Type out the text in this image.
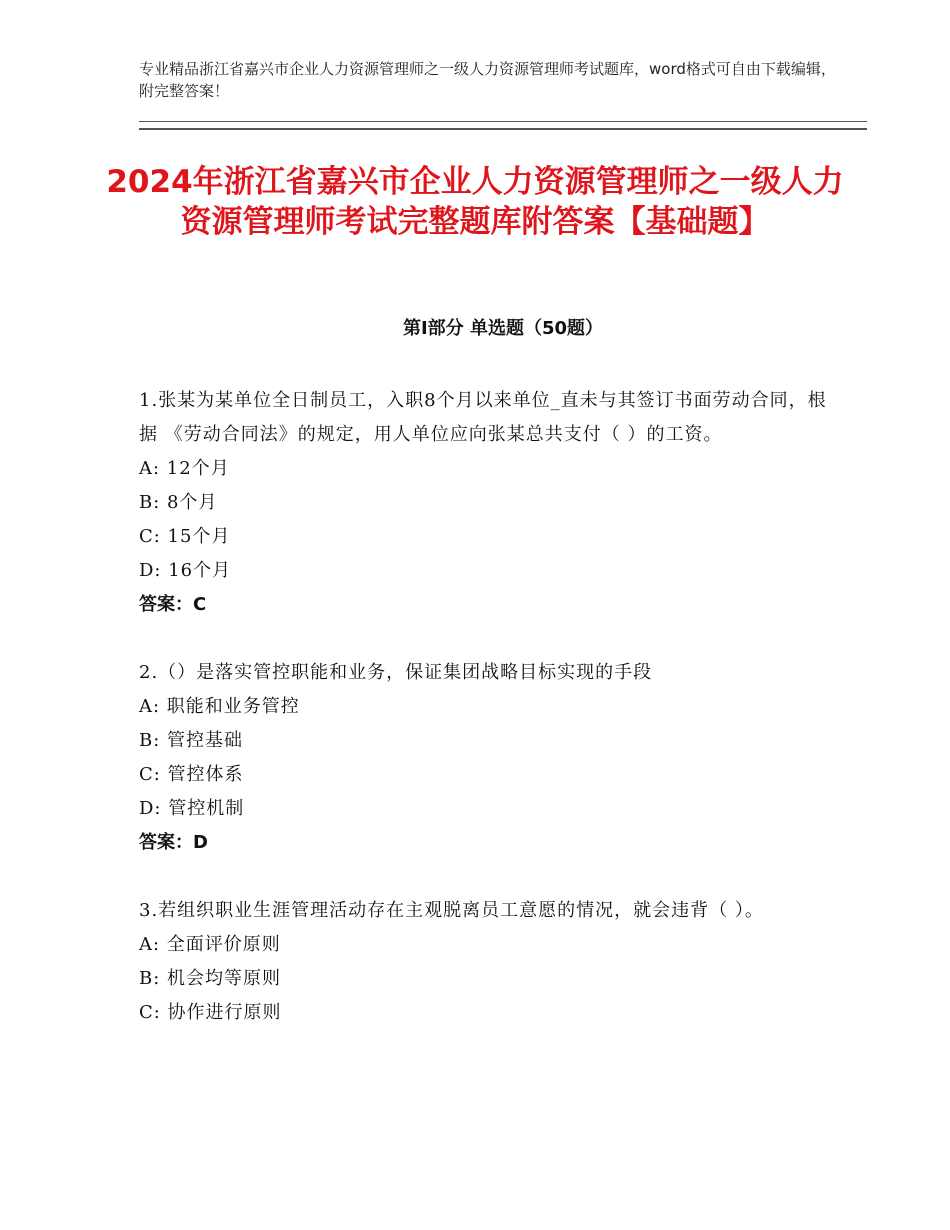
专业精品浙江省嘉兴市企业人力资源管理师之一级人力资源管理师考试题库，word格式可自由下载编辑，附完整答案！
2024年浙江省嘉兴市企业人力资源管理师之一级人力资源管理师考试完整题库附答案【基础题】
第Ⅰ部分 单选题（50题）
1.张某为某单位全日制员工，入职8个月以来单位_直未与其签订书面劳动合同，根据 《劳动合同法》的规定，用人单位应向张某总共支付（ ）的工资。
A: 12个月
B: 8个月
C: 15个月
D: 16个月
答案：C
2.（）是落实管控职能和业务，保证集团战略目标实现的手段
A: 职能和业务管控
B: 管控基础
C: 管控体系
D: 管控机制
答案：D
3.若组织职业生涯管理活动存在主观脱离员工意愿的情况，就会违背（ ）。
A: 全面评价原则
B: 机会均等原则
C: 协作进行原则
